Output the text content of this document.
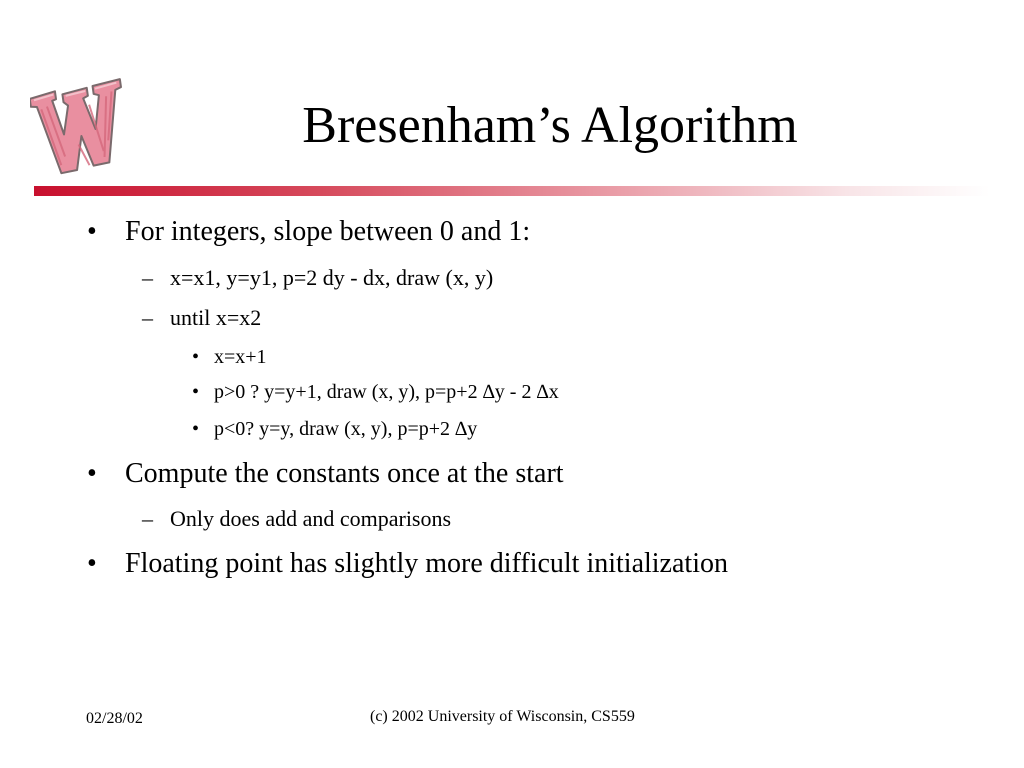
Bresenham’s Algorithm
• For integers, slope between 0 and 1:
– x=x1, y=y1, p=2 dy - dx, draw (x, y)
– until x=x2
• x=x+1
• p>0 ? y=y+1, draw (x, y), p=p+2 ∆y - 2 ∆x
• p<0? y=y, draw (x, y), p=p+2 ∆y
• Compute the constants once at the start
– Only does add and comparisons
• Floating point has slightly more difficult initialization
02/28/02	(c) 2002 University of Wisconsin, CS559
